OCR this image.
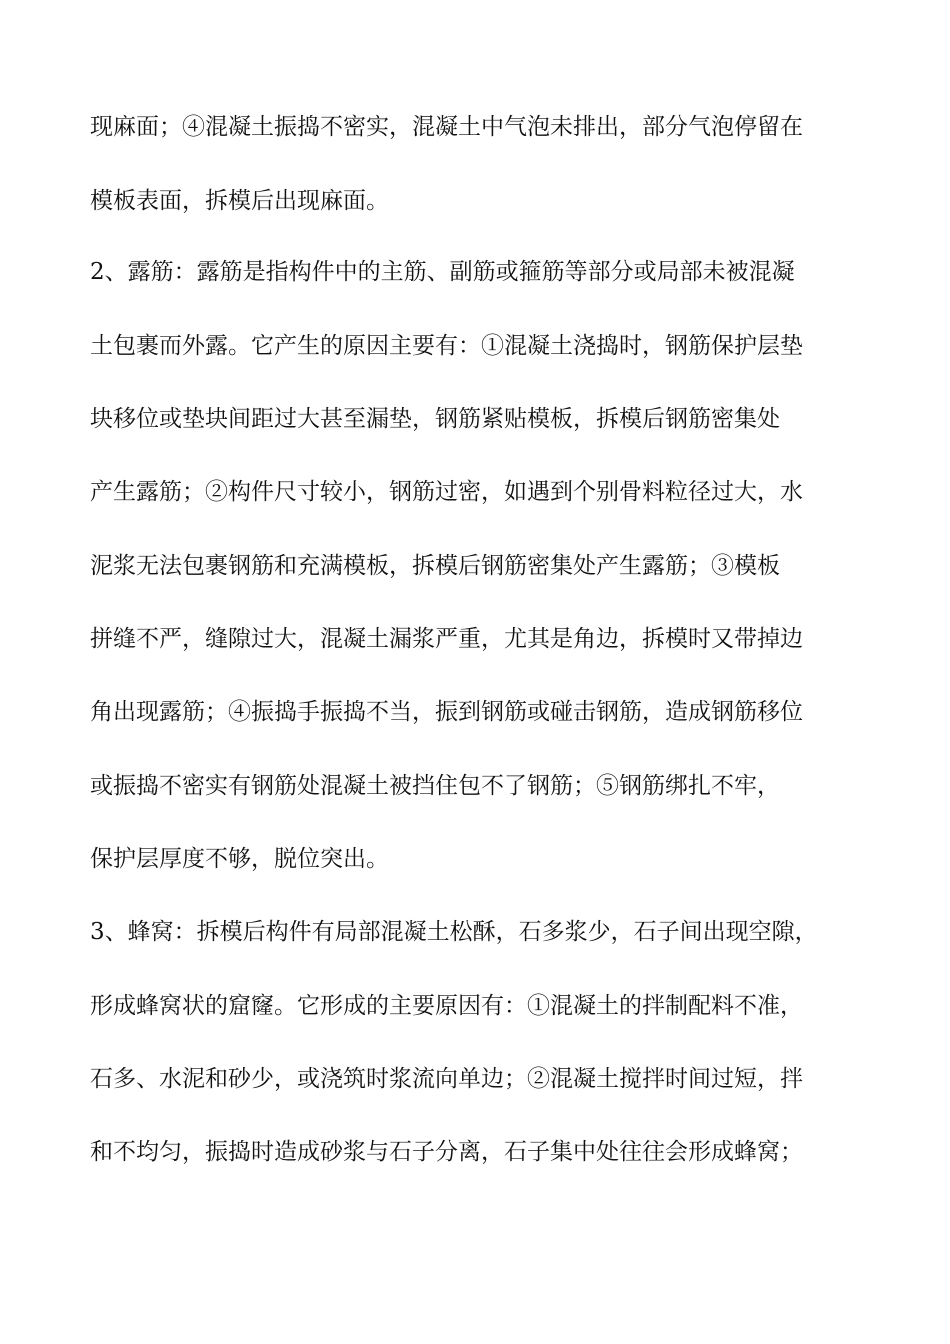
现麻面；④混凝土振捣不密实，混凝土中气泡未排出，部分气泡停留在
模板表面，拆模后出现麻面。
2、露筋：露筋是指构件中的主筋、副筋或箍筋等部分或局部未被混凝
土包裹而外露。它产生的原因主要有：①混凝土浇捣时，钢筋保护层垫
块移位或垫块间距过大甚至漏垫，钢筋紧贴模板，拆模后钢筋密集处
产生露筋；②构件尺寸较小，钢筋过密，如遇到个别骨料粒径过大，水
泥浆无法包裹钢筋和充满模板，拆模后钢筋密集处产生露筋；③模板
拼缝不严，缝隙过大，混凝土漏浆严重，尤其是角边，拆模时又带掉边
角出现露筋；④振捣手振捣不当，振到钢筋或碰击钢筋，造成钢筋移位
或振捣不密实有钢筋处混凝土被挡住包不了钢筋；⑤钢筋绑扎不牢，
保护层厚度不够，脱位突出。
3、蜂窝：拆模后构件有局部混凝土松酥，石多浆少，石子间出现空隙，
形成蜂窝状的窟窿。它形成的主要原因有：①混凝土的拌制配料不准，
石多、水泥和砂少，或浇筑时浆流向单边；②混凝土搅拌时间过短，拌
和不均匀，振捣时造成砂浆与石子分离，石子集中处往往会形成蜂窝；
